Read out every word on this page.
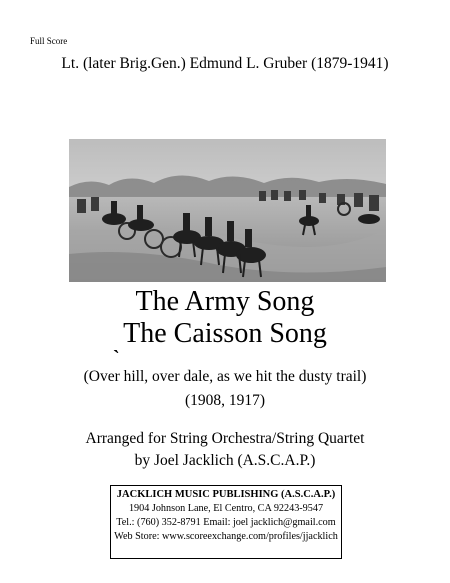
Full Score
Lt. (later Brig.Gen.) Edmund L. Gruber (1879-1941)
The Army Song
The Caisson Song
`
(Over hill, over dale, as we hit the dusty trail)
(1908, 1917)
Arranged for String Orchestra/String Quartet
by Joel Jacklich (A.S.C.A.P.)
JACKLICH MUSIC PUBLISHING (A.S.C.A.P.)
1904 Johnson Lane, El Centro, CA 92243-9547
Tel.: (760) 352-8791 Email: joel jacklich@gmail.com
Web Store: www.scoreexchange.com/profiles/jjacklich
